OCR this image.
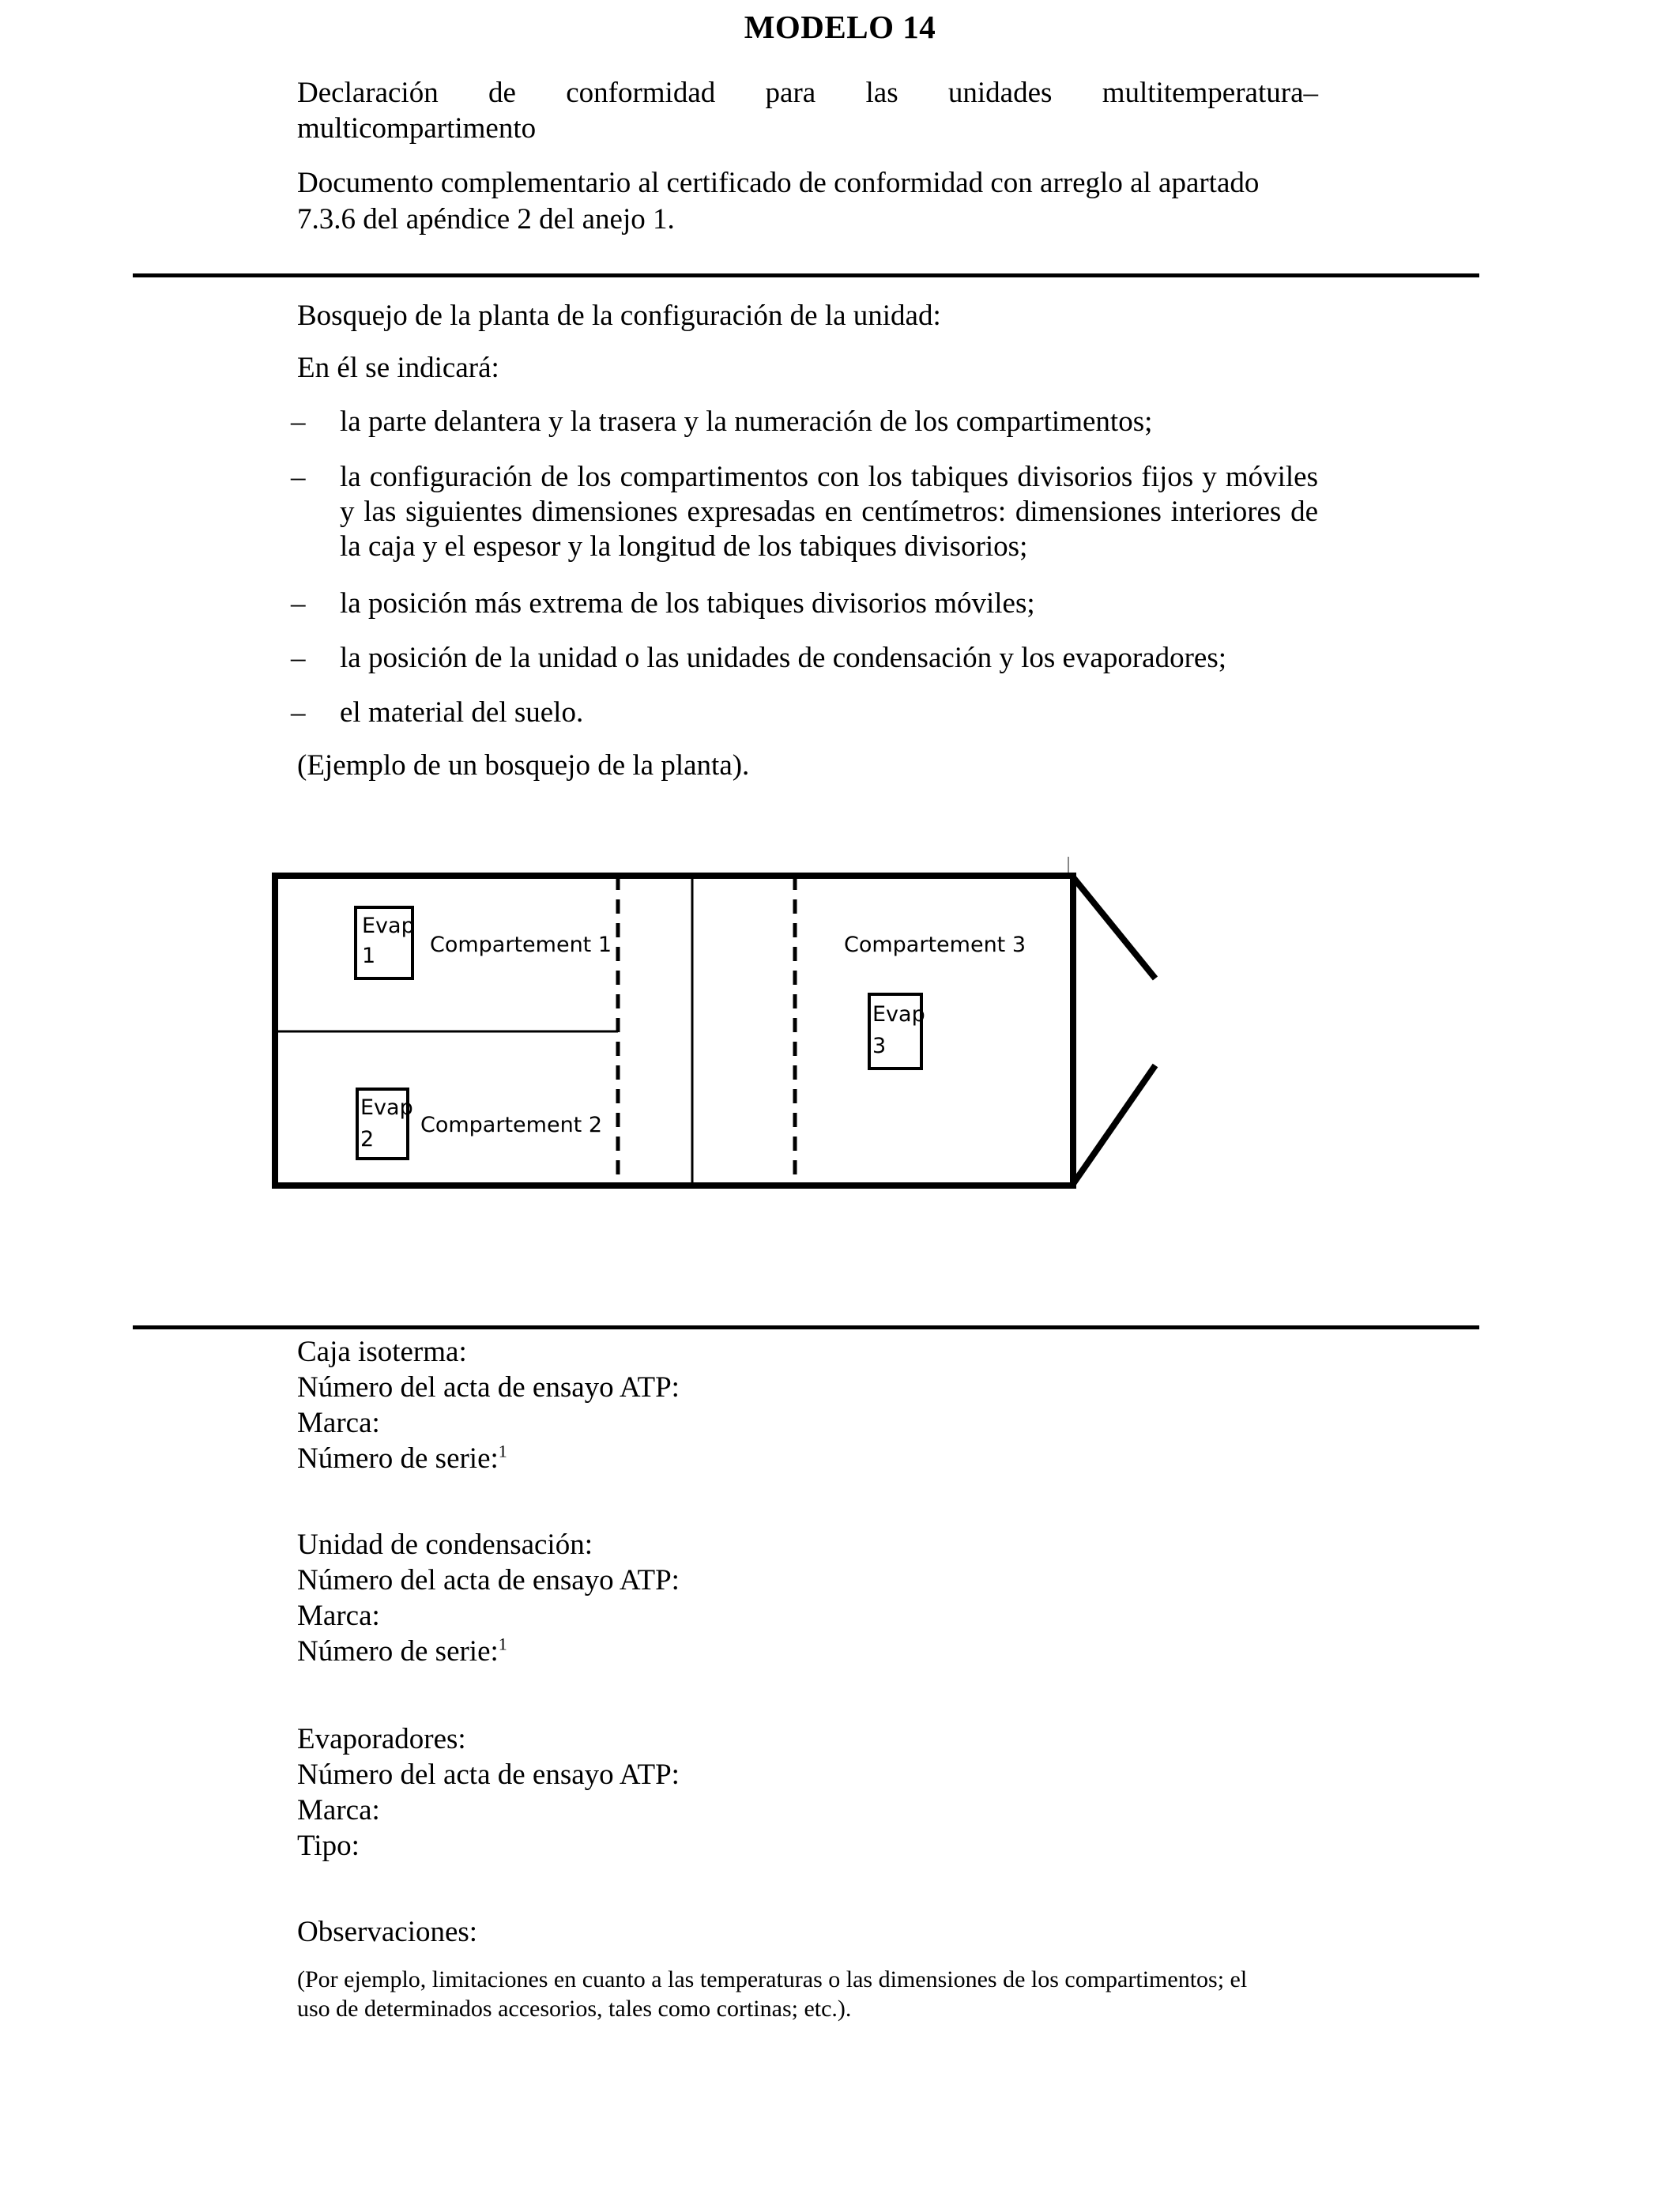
MODELO 14
Declaración de conformidad para las unidades multitemperatura–
multicompartimento
Documento complementario al certificado de conformidad con arreglo al apartado
7.3.6 del apéndice 2 del anejo 1.
Bosquejo de la planta de la configuración de la unidad:
En él se indicará:
– la parte delantera y la trasera y la numeración de los compartimentos;
– la configuración de los compartimentos con los tabiques divisorios fijos y móviles y las siguientes dimensiones expresadas en centímetros: dimensiones interiores de la caja y el espesor y la longitud de los tabiques divisorios;
– la posición más extrema de los tabiques divisorios móviles;
– la posición de la unidad o las unidades de condensación y los evaporadores;
– el material del suelo.
(Ejemplo de un bosquejo de la planta).
Evap
1	Compartement 1
Evap
2
Compartement 2
Compartement 3
Evap
3
Caja isoterma:
Número del acta de ensayo ATP:
Marca:
Número de serie:$^1$
Unidad de condensación:
Número del acta de ensayo ATP:
Marca:
Número de serie:$^1$
Evaporadores:
Número del acta de ensayo ATP:
Marca:
Tipo:
Observaciones:
(Por ejemplo, limitaciones en cuanto a las temperaturas o las dimensiones de los compartimentos; el
uso de determinados accesorios, tales como cortinas; etc.).
